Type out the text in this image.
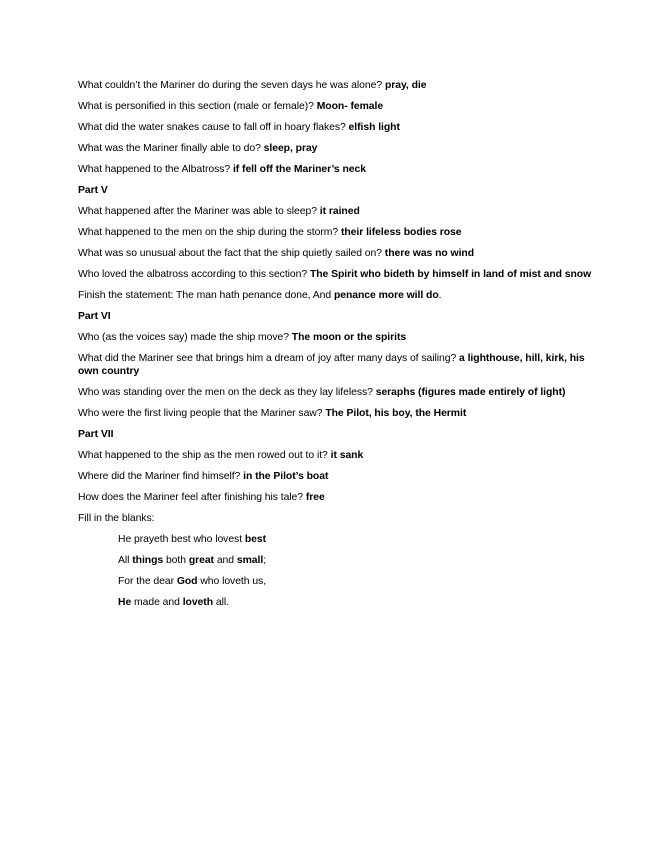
What couldn’t the Mariner do during the seven days he was alone? pray, die

What is personified in this section (male or female)? Moon- female

What did the water snakes cause to fall off in hoary flakes? elfish light

What was the Mariner finally able to do? sleep, pray

What happened to the Albatross? if fell off the Mariner’s neck

Part V

What happened after the Mariner was able to sleep? it rained

What happened to the men on the ship during the storm? their lifeless bodies rose

What was so unusual about the fact that the ship quietly sailed on? there was no wind

Who loved the albatross according to this section? The Spirit who bideth by himself in land of mist and snow

Finish the statement: The man hath penance done, And penance more will do.

Part VI

Who (as the voices say) made the ship move? The moon or the spirits

What did the Mariner see that brings him a dream of joy after many days of sailing? a lighthouse, hill, kirk, his own country

Who was standing over the men on the deck as they lay lifeless? seraphs (figures made entirely of light)

Who were the first living people that the Mariner saw? The Pilot, his boy, the Hermit

Part VII

What happened to the ship as the men rowed out to it? it sank

Where did the Mariner find himself? in the Pilot’s boat

How does the Mariner feel after finishing his tale? free

Fill in the blanks:

He prayeth best who lovest best

All things both great and small;

For the dear God who loveth us,

He made and loveth all.
